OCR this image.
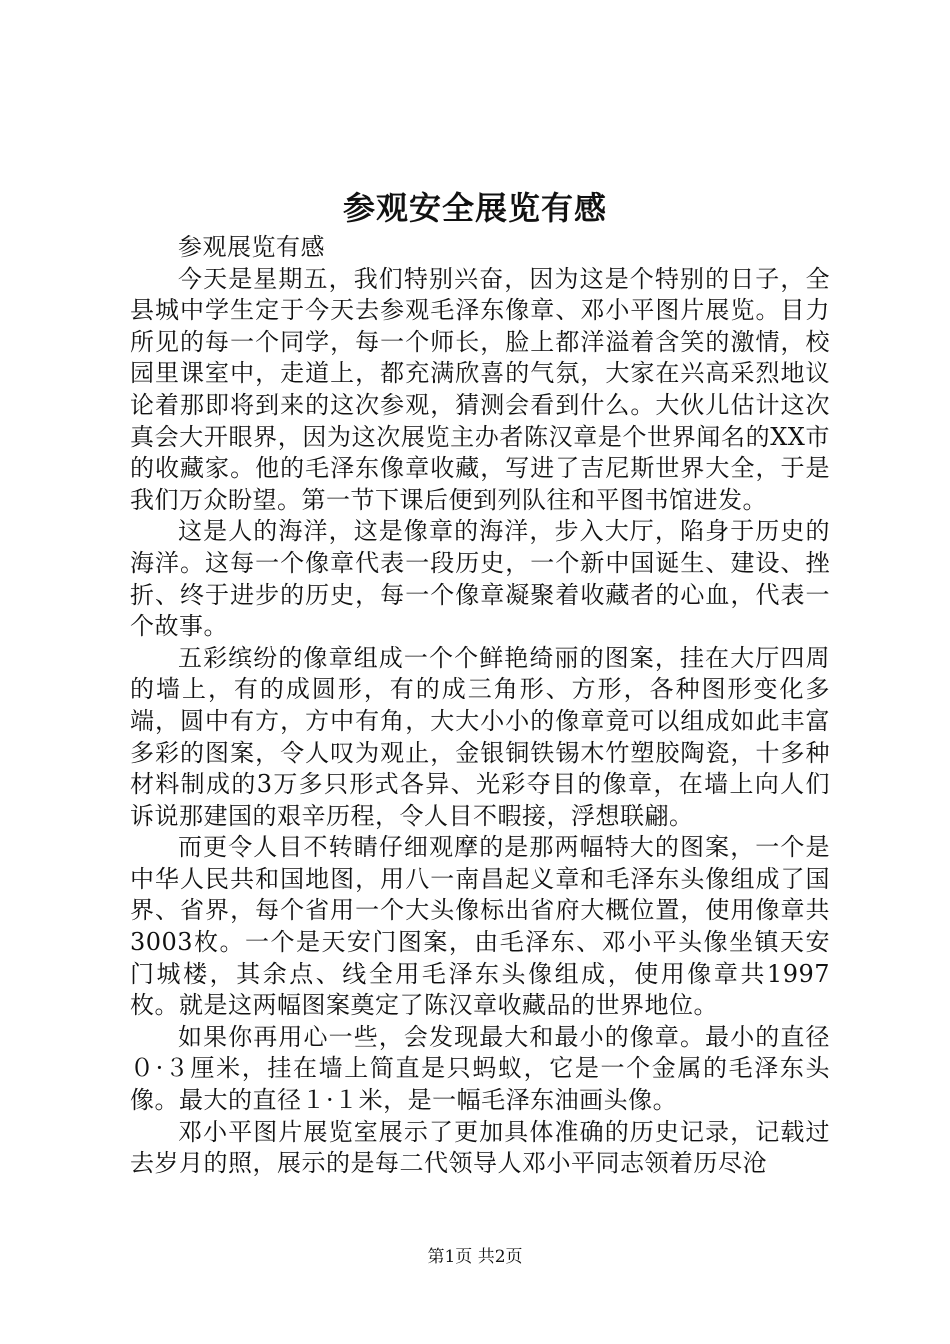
参观安全展览有感

参观展览有感

今天是星期五，我们特别兴奋，因为这是个特别的日子，全县城中学生定于今天去参观毛泽东像章、邓小平图片展览。目力所见的每一个同学，每一个师长，脸上都洋溢着含笑的激情，校园里课室中，走道上，都充满欣喜的气氛，大家在兴高采烈地议论着那即将到来的这次参观，猜测会看到什么。大伙儿估计这次真会大开眼界，因为这次展览主办者陈汉章是个世界闻名的XX市的收藏家。他的毛泽东像章收藏，写进了吉尼斯世界大全，于是我们万众盼望。第一节下课后便到列队往和平图书馆进发。

这是人的海洋，这是像章的海洋，步入大厅，陷身于历史的海洋。这每一个像章代表一段历史，一个新中国诞生、建设、挫折、终于进步的历史，每一个像章凝聚着收藏者的心血，代表一个故事。

五彩缤纷的像章组成一个个鲜艳绮丽的图案，挂在大厅四周的墙上，有的成圆形，有的成三角形、方形，各种图形变化多端，圆中有方，方中有角，大大小小的像章竟可以组成如此丰富多彩的图案，令人叹为观止，金银铜铁锡木竹塑胶陶瓷，十多种材料制成的3万多只形式各异、光彩夺目的像章，在墙上向人们诉说那建国的艰辛历程，令人目不暇接，浮想联翩。

而更令人目不转睛仔细观摩的是那两幅特大的图案，一个是中华人民共和国地图，用八一南昌起义章和毛泽东头像组成了国界、省界，每个省用一个大头像标出省府大概位置，使用像章共3003枚。一个是天安门图案，由毛泽东、邓小平头像坐镇天安门城楼，其余点、线全用毛泽东头像组成，使用像章共1997枚。就是这两幅图案奠定了陈汉章收藏品的世界地位。

如果你再用心一些，会发现最大和最小的像章。最小的直径０·３厘米，挂在墙上简直是只蚂蚁，它是一个金属的毛泽东头像。最大的直径１·１米，是一幅毛泽东油画头像。

邓小平图片展览室展示了更加具体准确的历史记录，记载过去岁月的照，展示的是每二代领导人邓小平同志领着历尽沧

第1页 共2页
